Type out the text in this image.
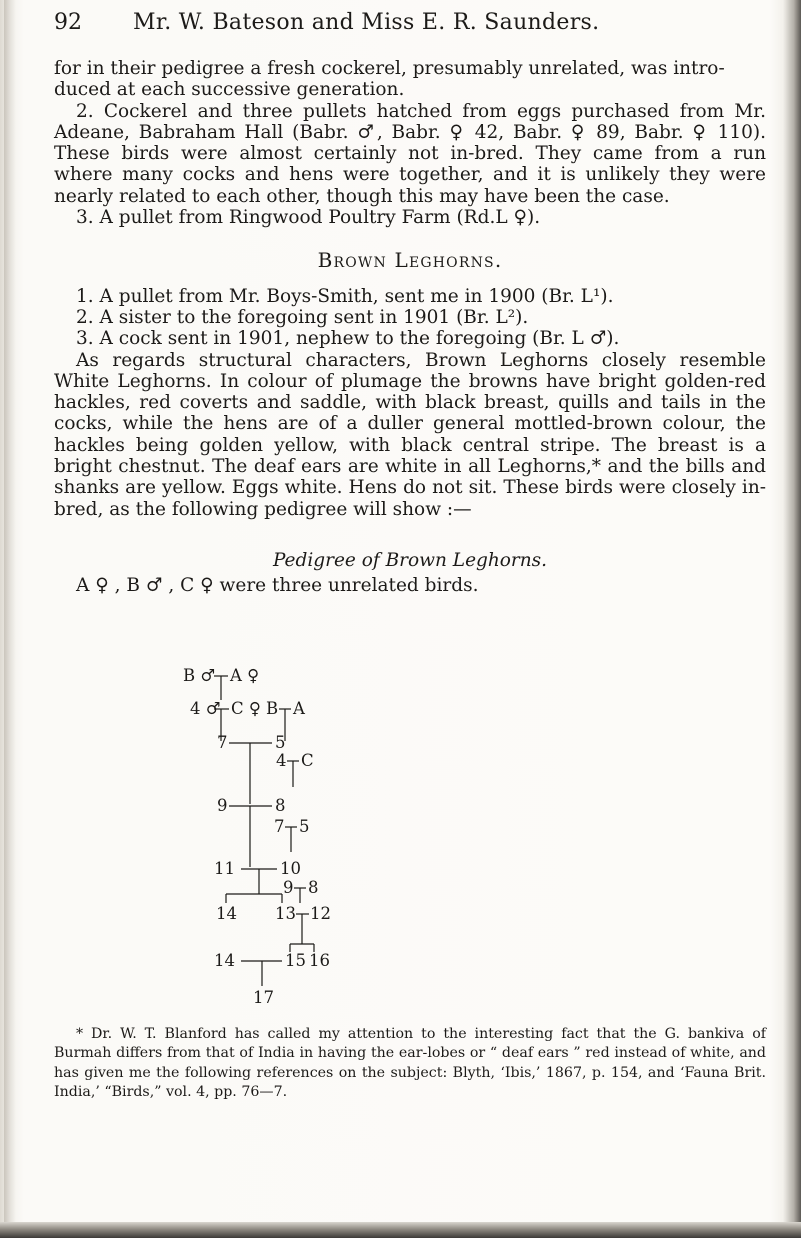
92 Mr. W. Bateson and Miss E. R. Saunders.

for in their pedigree a fresh cockerel, presumably unrelated, was intro-
duced at each successive generation.

2. Cockerel and three pullets hatched from eggs purchased from Mr. Adeane, Babraham Hall (Babr. ♂, Babr. ♀ 42, Babr. ♀ 89, Babr. ♀ 110). These birds were almost certainly not in-bred. They came from a run where many cocks and hens were together, and it is unlikely they were nearly related to each other, though this may have been the case.

3. A pullet from Ringwood Poultry Farm (Rd.L ♀).

Brown Leghorns.

1. A pullet from Mr. Boys-Smith, sent me in 1900 (Br. L¹).

2. A sister to the foregoing sent in 1901 (Br. L²).

3. A cock sent in 1901, nephew to the foregoing (Br. L ♂).

As regards structural characters, Brown Leghorns closely resemble White Leghorns. In colour of plumage the browns have bright golden-red hackles, red coverts and saddle, with black breast, quills and tails in the cocks, while the hens are of a duller general mottled-brown colour, the hackles being golden yellow, with black central stripe. The breast is a bright chestnut. The deaf ears are white in all Leghorns,* and the bills and shanks are yellow. Eggs white. Hens do not sit. These birds were closely in-bred, as the following pedigree will show :—

Pedigree of Brown Leghorns.

A ♀ , B ♂ , C ♀ were three unrelated birds.

B ♂ A ♀
4 ♂ C ♀ B A
7	5
4 C
9	8
7 5
11	10
9 8
14 13 12
14	15 16
17

* Dr. W. T. Blanford has called my attention to the interesting fact that the G. bankiva of Burmah differs from that of India in having the ear-lobes or “ deaf ears ” red instead of white, and has given me the following references on the subject: Blyth, ‘Ibis,’ 1867, p. 154, and ‘Fauna Brit. India,’ “Birds,” vol. 4, pp. 76—7.
